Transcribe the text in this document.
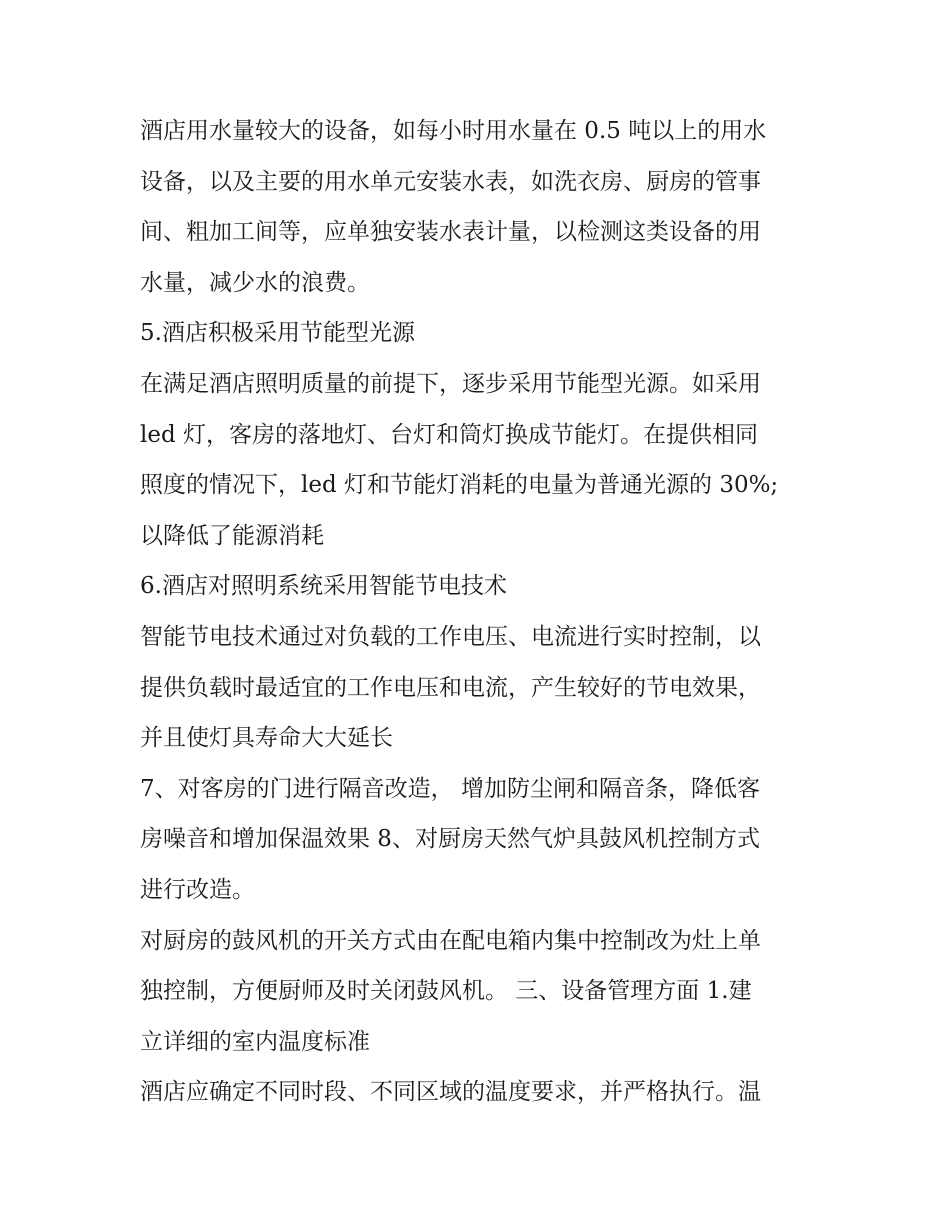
酒店用水量较大的设备，如每小时用水量在 0.5 吨以上的用水
设备，以及主要的用水单元安装水表，如洗衣房、厨房的管事
间、粗加工间等，应单独安装水表计量，以检测这类设备的用
水量，减少水的浪费。
5.酒店积极采用节能型光源
在满足酒店照明质量的前提下，逐步采用节能型光源。如采用
led 灯，客房的落地灯、台灯和筒灯换成节能灯。在提供相同
照度的情况下，led 灯和节能灯消耗的电量为普通光源的 30%;
以降低了能源消耗
6.酒店对照明系统采用智能节电技术
智能节电技术通过对负载的工作电压、电流进行实时控制，以
提供负载时最适宜的工作电压和电流，产生较好的节电效果，
并且使灯具寿命大大延长
7、对客房的门进行隔音改造， 增加防尘闸和隔音条，降低客
房噪音和增加保温效果 8、对厨房天然气炉具鼓风机控制方式
进行改造。
对厨房的鼓风机的开关方式由在配电箱内集中控制改为灶上单
独控制，方便厨师及时关闭鼓风机。 三、设备管理方面 1.建
立详细的室内温度标准
酒店应确定不同时段、不同区域的温度要求，并严格执行。温
